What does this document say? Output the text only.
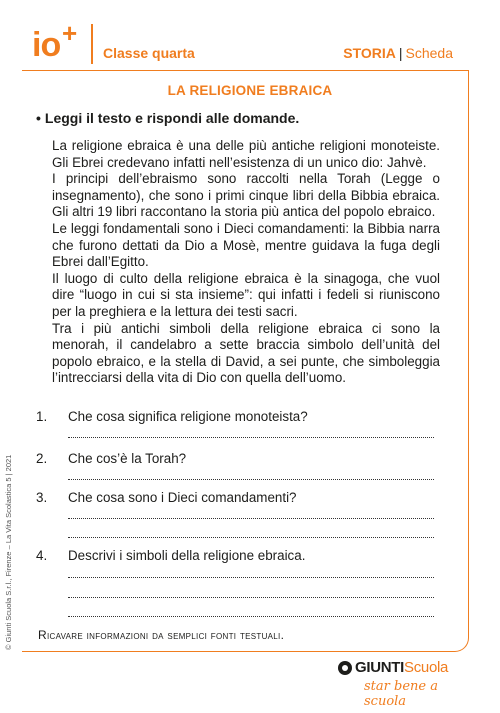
io +
Classe quarta	STORIA | Scheda
LA RELIGIONE EBRAICA
• Leggi il testo e rispondi alle domande.

La religione ebraica è una delle più antiche religioni monoteiste. Gli Ebrei credevano infatti nell’esistenza di un unico dio: Jahvè.

I principi dell’ebraismo sono raccolti nella Torah (Legge o insegnamento), che sono i primi cinque libri della Bibbia ebraica. Gli altri 19 libri raccontano la storia più antica del popolo ebraico.

Le leggi fondamentali sono i Dieci comandamenti: la Bibbia narra che furono dettati da Dio a Mosè, mentre guidava la fuga degli Ebrei dall’Egitto.

Il luogo di culto della religione ebraica è la sinagoga, che vuol dire “luogo in cui si sta insieme”: qui infatti i fedeli si riuniscono per la preghiera e la lettura dei testi sacri.

Tra i più antichi simboli della religione ebraica ci sono la menorah, il candelabro a sette braccia simbolo dell’unità del popolo ebraico, e la stella di David, a sei punte, che simboleggia l’intrecciarsi della vita di Dio con quella dell’uomo.

1. Che cosa significa religione monoteista?
2. Che cos’è la Torah?
3. Che cosa sono i Dieci comandamenti?
4. Descrivi i simboli della religione ebraica.
Ricavare informazioni da semplici fonti testuali.
© Giunti Scuola S.r.l., Firenze – La Vita Scolastica 5 | 2021
GIUNTIScuola
star bene a scuola
